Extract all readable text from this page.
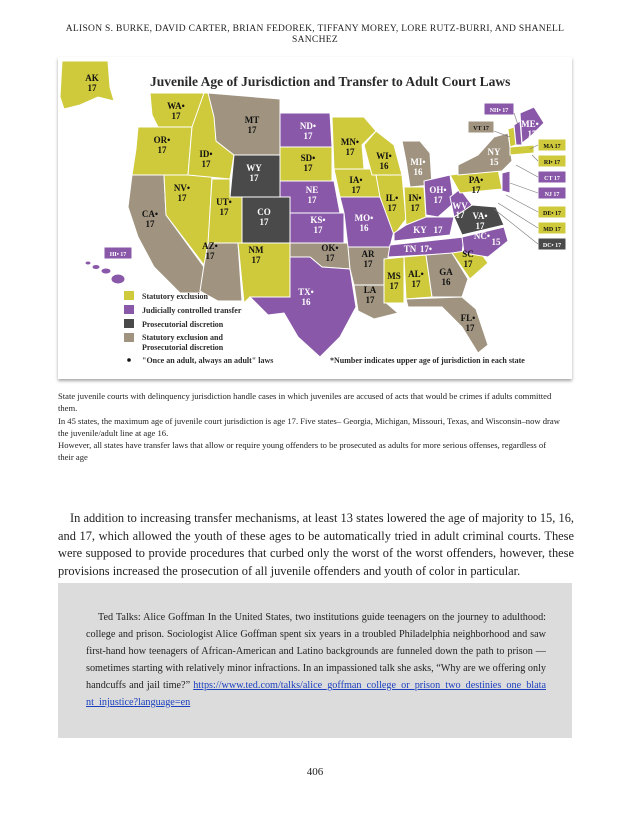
ALISON S. BURKE, DAVID CARTER, BRIAN FEDOREK, TIFFANY MOREY, LORE RUTZ-BURRI, AND SHANELL
SANCHEZ
AK
17
WA•
17
OR•
17
CA•
17
NV•
17
ID•
17
MT
17
WY
17
UT•
17
AZ•
17
CO
17
NM
17
ND•
17
SD•
17
NE
17
KS•
17
OK•
17
TX•
16
MN•
17
IA•
17
MO•
16
AR
17
LA
17
WI•
16
IL•
17
MI•
16
IN•
17
OH•
17
KY 17
TN 17•
MS
17
AL•
17
GA
16
FL•
17
SC
17
NC•
15
VA•
17
WV
17
PA•
17
NY
15
ME•
17
NH• 17
VT 17
MA 17
RI• 17
CT 17
NJ 17
DE• 17
MD 17
DC• 17
HI• 17
Statutory exclusion
Judicially controlled transfer
Prosecutorial discretion
Statutory exclusion and
Prosecutorial discretion
"Once an adult, always an adult" laws	*Number indicates upper age of jurisdiction in each state
Juvenile Age of Jurisdiction and Transfer to Adult Court Laws

State juvenile courts with delinquency jurisdiction handle cases in which juveniles are accused of acts that would be crimes if adults committed them.

In 45 states, the maximum age of juvenile court jurisdiction is age 17. Five states– Georgia, Michigan, Missouri, Texas, and Wisconsin–now draw the juvenile/adult line at age 16.

However, all states have transfer laws that allow or require young offenders to be prosecuted as adults for more serious offenses, regardless of their age

In addition to increasing transfer mechanisms, at least 13 states lowered the age of majority to 15, 16, and 17, which allowed the youth of these ages to be automatically tried in adult criminal courts. These were supposed to provide procedures that curbed only the worst of the worst offenders, however, these provisions increased the prosecution of all juvenile offenders and youth of color in particular.
Ted Talks: Alice Goffman In the United States, two institutions guide teenagers on the journey to adulthood: college and prison. Sociologist Alice Goffman spent six years in a troubled Philadelphia neighborhood and saw first-hand how teenagers of African-American and Latino backgrounds are funneled down the path to prison — sometimes starting with relatively minor infractions. In an impassioned talk she asks, “Why are we offering only handcuffs and jail time?” https://www.ted.com/talks/alice_goffman_college_or_prison_two_destinies_one_blatant_injustice?language=en
406
